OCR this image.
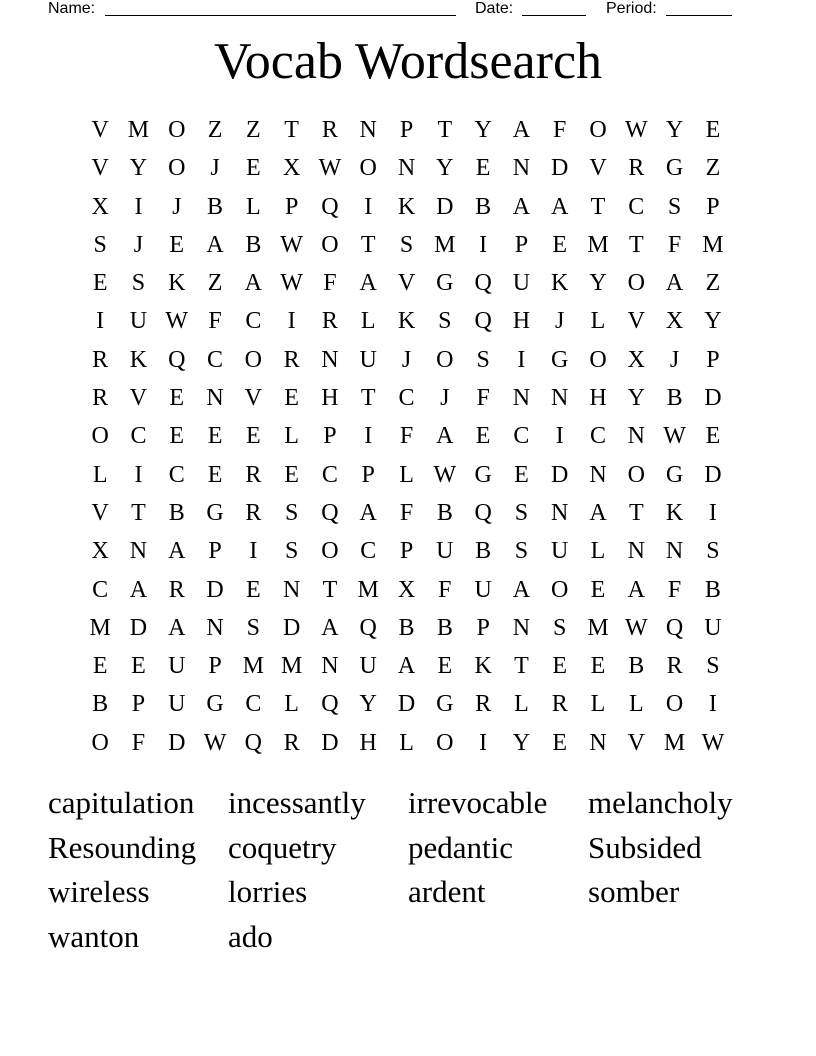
Name:	Date:	Period:
Vocab Wordsearch
V M O Z Z T R N P	T Y A F O W Y E
V Y O	J	E X W O N Y E N D V R G Z
X	I	J	B L	P Q	I	K D B A A T C S	P
S	J	E A B W O T	S M I	P	E M T	F M
E	S K Z A W F A V G Q U K Y O A Z
I	U W F C	I	R L K S Q H	J	L V X Y
R K Q C O R N U	J	O S	I	G O X	J	P
R V E N V E H T C	J	F N N H Y B D
O C E E E L	P	I	F A E C	I	C N W E
L	I	C E R E C P	L W G E D N O G D
V T B G R S Q A F B Q S N A T K	I
X N A P	I	S O C P U B S U L N N S
C A R D E N T M X F U A O E A F B
M D A N S D A Q B B P N S M W Q U
E E U P M M N U A E K T E E B R S
B P U G C L Q Y D G R L R L L O	I
O F D W Q R D H L O	I	Y E N V M W
capitulation	incessantly	irrevocable	melancholy
Resounding	coquetry	pedantic	Subsided
wireless	lorries	ardent	somber
wanton	ado
